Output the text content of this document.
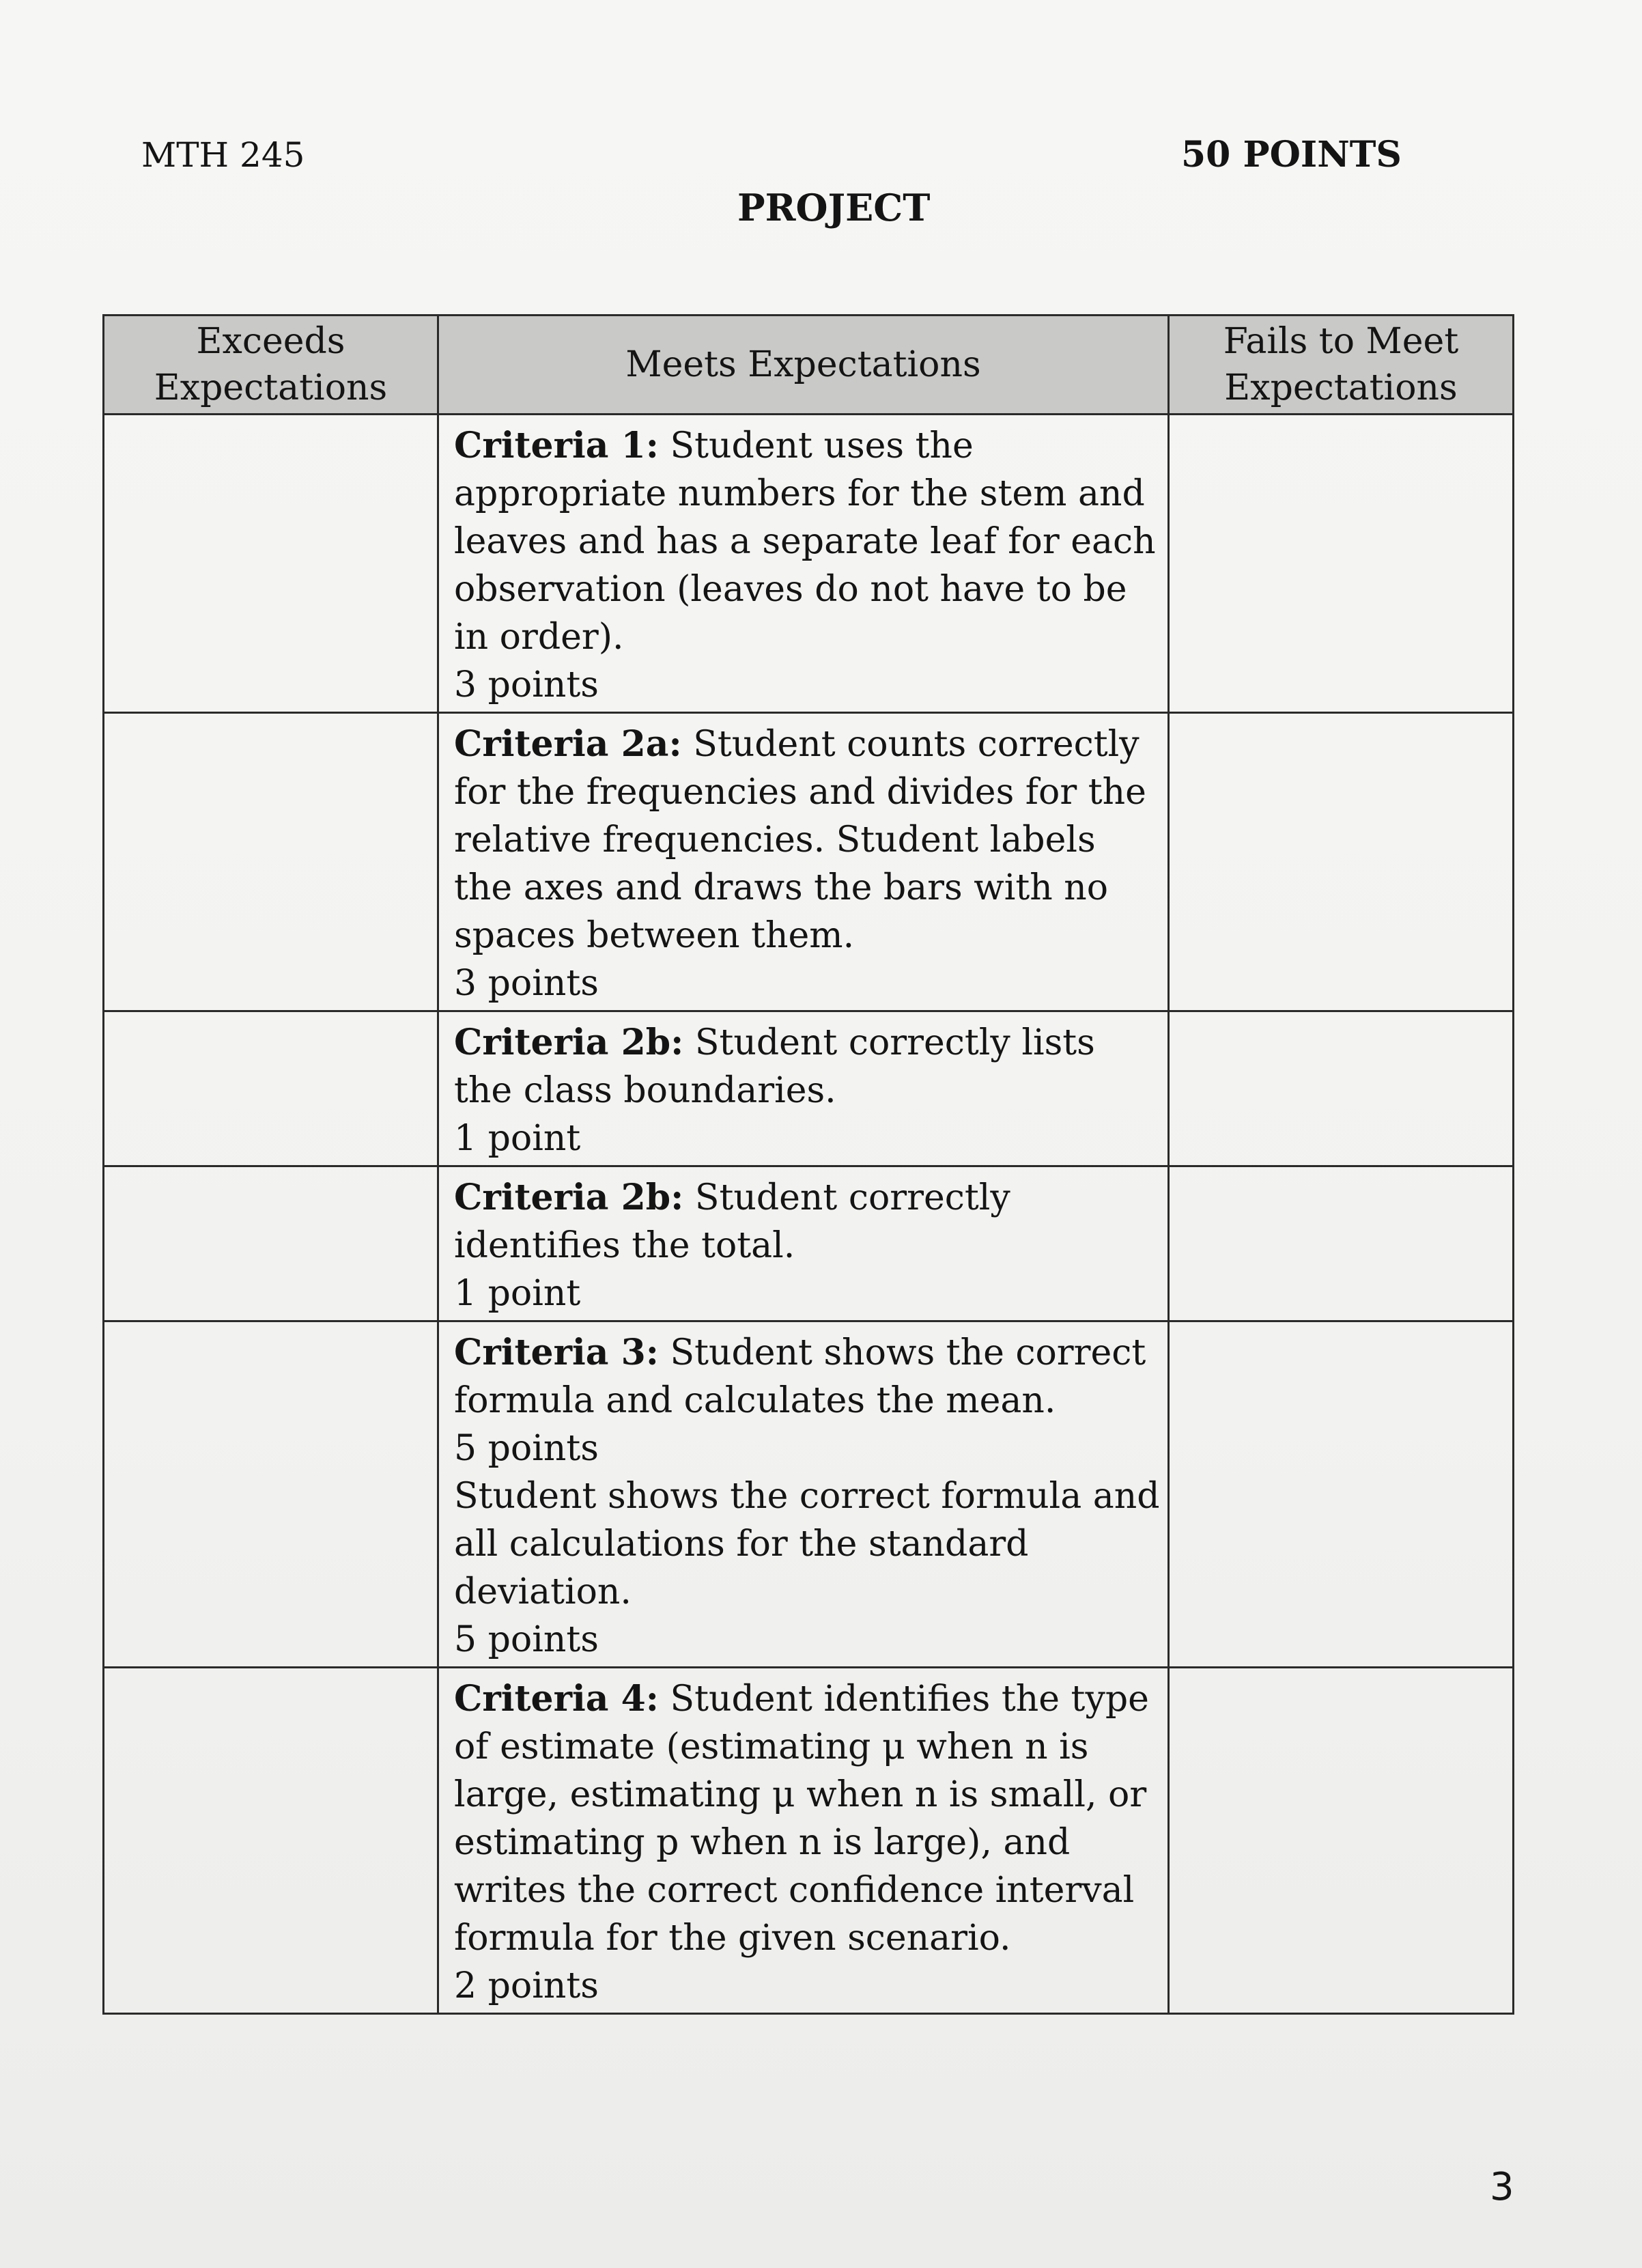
MTH 245	50 POINTS
PROJECT
Exceeds Expectations	Meets Expectations	Fails to Meet Expectations
	Criteria 1: Student uses the appropriate numbers for the stem and leaves and has a separate leaf for each observation (leaves do not have to be in order).
3 points	

	Criteria 2a: Student counts correctly for the frequencies and divides for the relative frequencies. Student labels the axes and draws the bars with no spaces between them.
3 points	

	Criteria 2b: Student correctly lists the class boundaries.
1 point	

	Criteria 2b: Student correctly identifies the total.
1 point	

	Criteria 3: Student shows the correct formula and calculates the mean.
5 points
Student shows the correct formula and all calculations for the standard deviation.
5 points	

	Criteria 4: Student identifies the type of estimate (estimating μ when n is large, estimating μ when n is small, or estimating p when n is large), and writes the correct confidence interval formula for the given scenario.
2 points	

3
